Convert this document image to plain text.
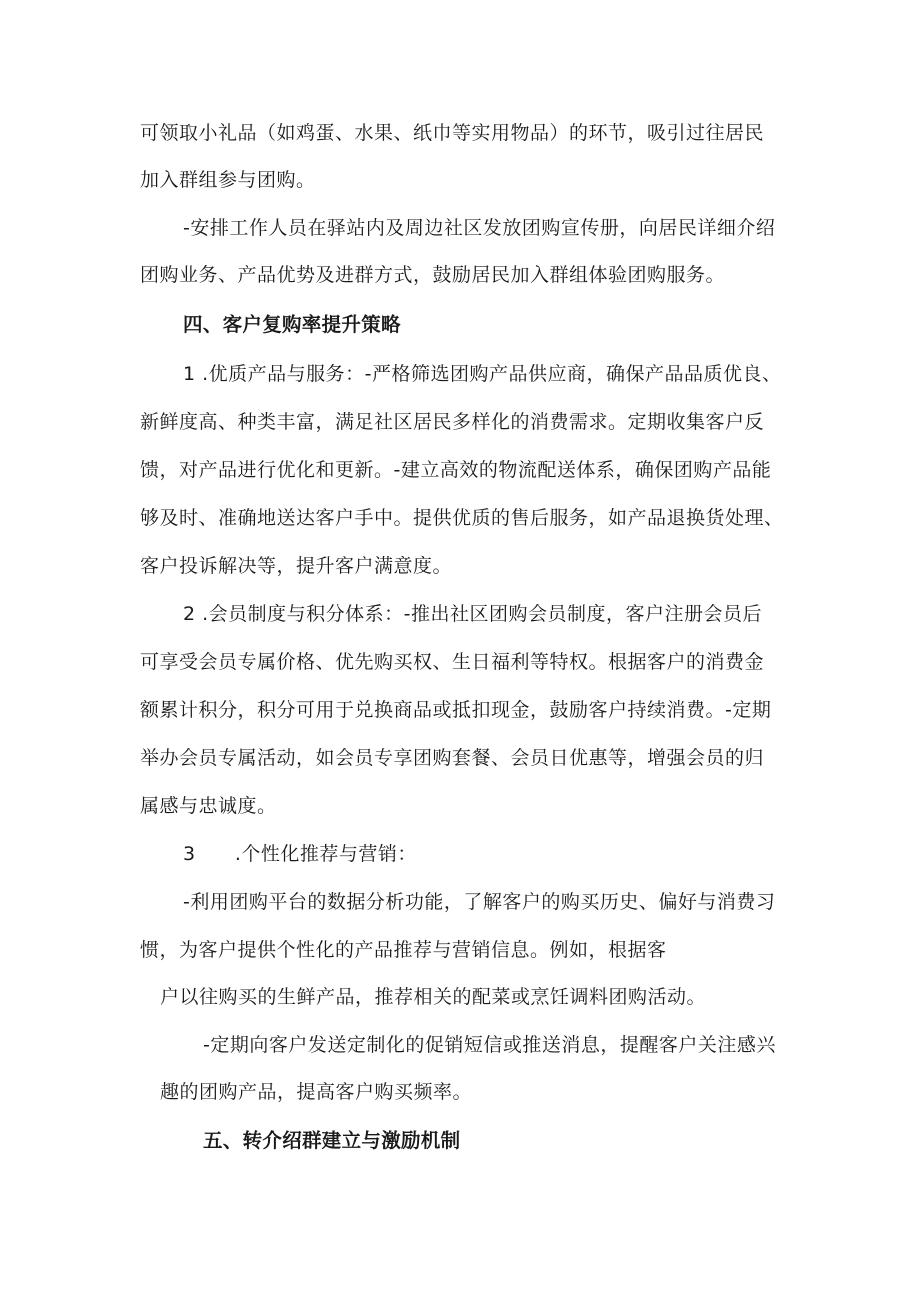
可领取小礼品（如鸡蛋、水果、纸巾等实用物品）的环节，吸引过往居民
加入群组参与团购。
-安排工作人员在驿站内及周边社区发放团购宣传册，向居民详细介绍
团购业务、产品优势及进群方式，鼓励居民加入群组体验团购服务。
四、客户复购率提升策略
1 .优质产品与服务：-严格筛选团购产品供应商，确保产品品质优良、
新鲜度高、种类丰富，满足社区居民多样化的消费需求。定期收集客户反
馈，对产品进行优化和更新。-建立高效的物流配送体系，确保团购产品能
够及时、准确地送达客户手中。提供优质的售后服务，如产品退换货处理、
客户投诉解决等，提升客户满意度。
2 .会员制度与积分体系：-推出社区团购会员制度，客户注册会员后
可享受会员专属价格、优先购买权、生日福利等特权。根据客户的消费金
额累计积分，积分可用于兑换商品或抵扣现金，鼓励客户持续消费。-定期
举办会员专属活动，如会员专享团购套餐、会员日优惠等，增强会员的归
属感与忠诚度。
3      .个性化推荐与营销：
-利用团购平台的数据分析功能，了解客户的购买历史、偏好与消费习
惯，为客户提供个性化的产品推荐与营销信息。例如，根据客
户以往购买的生鲜产品，推荐相关的配菜或烹饪调料团购活动。
-定期向客户发送定制化的促销短信或推送消息，提醒客户关注感兴
趣的团购产品，提高客户购买频率。
五、转介绍群建立与激励机制
